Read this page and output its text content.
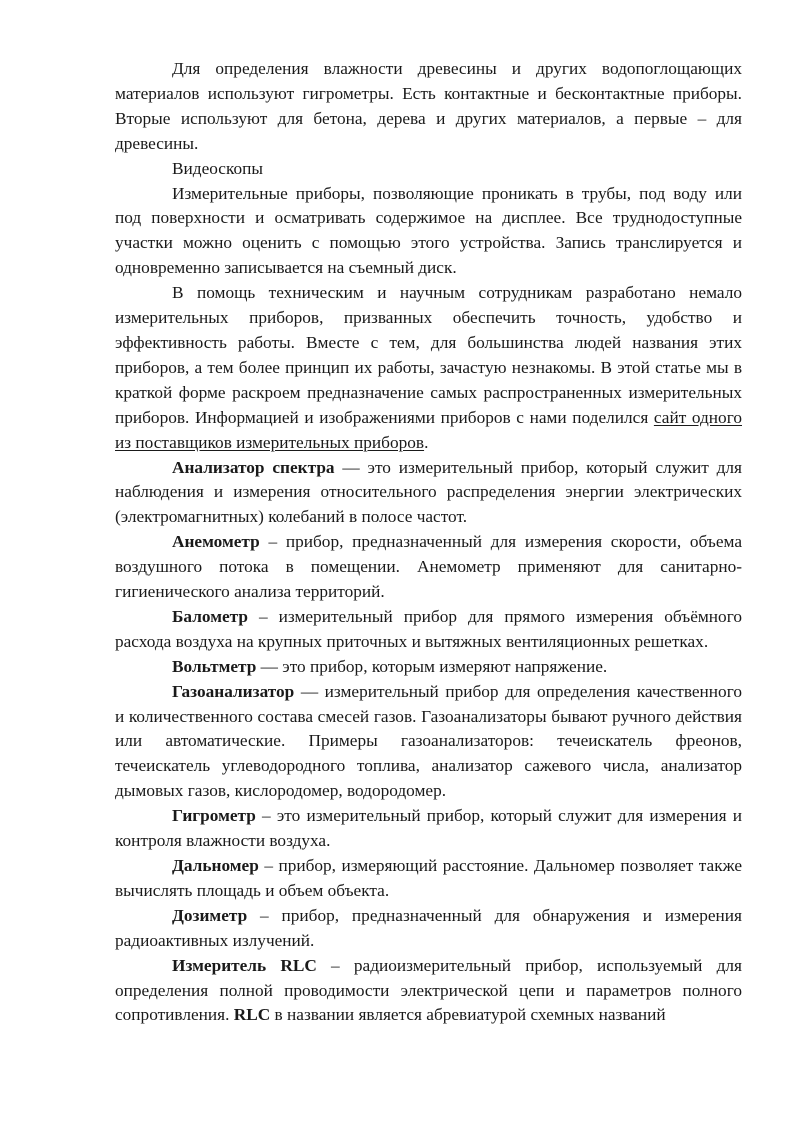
Для определения влажности древесины и других водопоглощающих материалов используют гигрометры. Есть контактные и бесконтактные приборы. Вторые используют для бетона, дерева и других материалов, а первые – для древесины.

Видеоскопы

Измерительные приборы, позволяющие проникать в трубы, под воду или под поверхности и осматривать содержимое на дисплее. Все труднодоступные участки можно оценить с помощью этого устройства. Запись транслируется и одновременно записывается на съемный диск.

В помощь техническим и научным сотрудникам разработано немало измерительных приборов, призванных обеспечить точность, удобство и эффективность работы. Вместе с тем, для большинства людей названия этих приборов, а тем более принцип их работы, зачастую незнакомы. В этой статье мы в краткой форме раскроем предназначение самых распространенных измерительных приборов. Информацией и изображениями приборов с нами поделился сайт одного из поставщиков измерительных приборов.

Анализатор спектра — это измерительный прибор, который служит для наблюдения и измерения относительного распределения энергии электрических (электромагнитных) колебаний в полосе частот.

Анемометр – прибор, предназначенный для измерения скорости, объема воздушного потока в помещении. Анемометр применяют для санитарно-гигиенического анализа территорий.

Балометр – измерительный прибор для прямого измерения объёмного расхода воздуха на крупных приточных и вытяжных вентиляционных решетках.

Вольтметр — это прибор, которым измеряют напряжение.

Газоанализатор — измерительный прибор для определения качественного и количественного состава смесей газов. Газоанализаторы бывают ручного действия или автоматические. Примеры газоанализаторов: течеискатель фреонов, течеискатель углеводородного топлива, анализатор сажевого числа, анализатор дымовых газов, кислородомер, водородомер.

Гигрометр – это измерительный прибор, который служит для измерения и контроля влажности воздуха.

Дальномер – прибор, измеряющий расстояние. Дальномер позволяет также вычислять площадь и объем объекта.

Дозиметр – прибор, предназначенный для обнаружения и измерения радиоактивных излучений.

Измеритель RLC – радиоизмерительный прибор, используемый для определения полной проводимости электрической цепи и параметров полного сопротивления. RLC в названии является абревиатурой схемных названий
